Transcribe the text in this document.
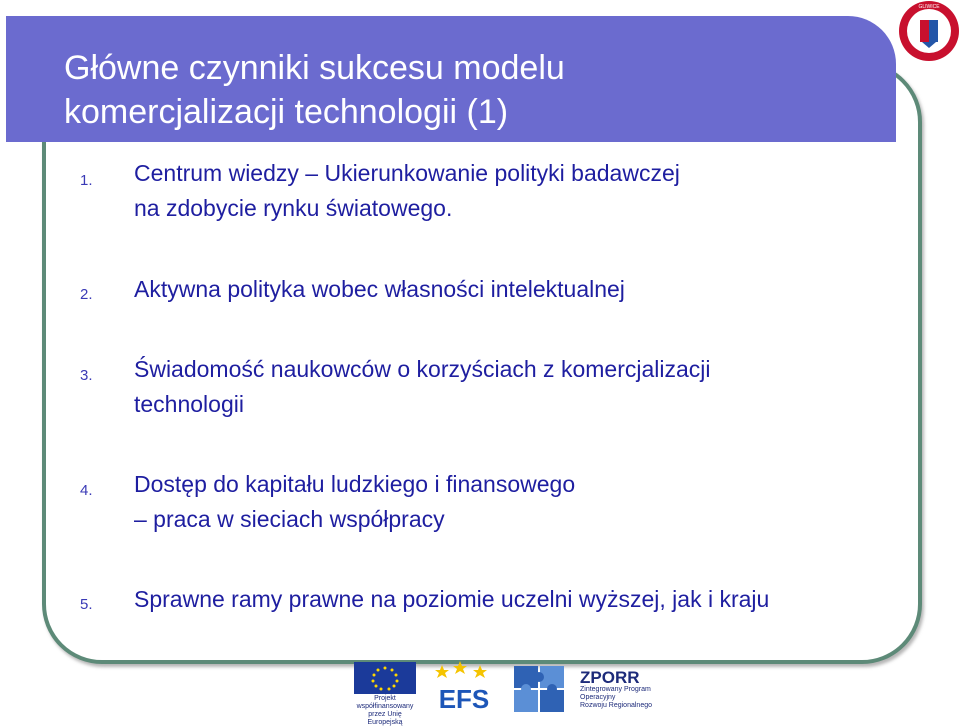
Główne czynniki sukcesu modelu
komercjalizacji technologii (1)
GLIWICE
1. Centrum wiedzy – Ukierunkowanie polityki badawczej
na zdobycie rynku światowego.
2. Aktywna polityka wobec własności intelektualnej
3. Świadomość naukowców o korzyściach z komercjalizacji
technologii
4. Dostęp do kapitału ludzkiego i finansowego
– praca w sieciach współpracy
5. Sprawne ramy prawne na poziomie uczelni wyższej, jak i kraju
Projekt współfinansowany przez Unię Europejską
EFS
ZPORR
Zintegrowany Program
Operacyjny
Rozwoju Regionalnego
